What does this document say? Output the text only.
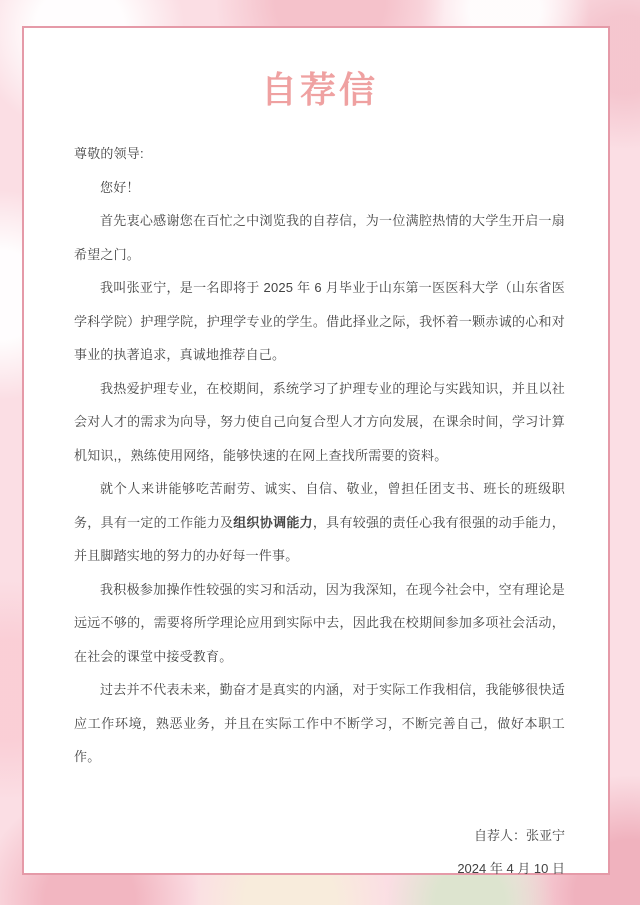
自荐信

尊敬的领导:

您好！

首先衷心感谢您在百忙之中浏览我的自荐信，为一位满腔热情的大学生开启一扇希望之门。

我叫张亚宁，是一名即将于 2025 年 6 月毕业于山东第一医医科大学（山东省医学科学院）护理学院，护理学专业的学生。借此择业之际，我怀着一颗赤诚的心和对事业的执著追求，真诚地推荐自己。

我热爱护理专业，在校期间，系统学习了护理专业的理论与实践知识，并且以社会对人才的需求为向导，努力使自己向复合型人才方向发展，在课余时间，学习计算机知识,，熟练使用网络，能够快速的在网上查找所需要的资料。

就个人来讲能够吃苦耐劳、诚实、自信、敬业，曾担任团支书、班长的班级职务，具有一定的工作能力及组织协调能力，具有较强的责任心我有很强的动手能力，并且脚踏实地的努力的办好每一件事。

我积极参加操作性较强的实习和活动，因为我深知，在现今社会中，空有理论是远远不够的，需要将所学理论应用到实际中去，因此我在校期间参加多项社会活动，在社会的课堂中接受教育。

过去并不代表未来，勤奋才是真实的内涵，对于实际工作我相信，我能够很快适应工作环境，熟恶业务，并且在实际工作中不断学习，不断完善自己，做好本职工作。

自荐人：张亚宁

2024 年 4 月 10 日
